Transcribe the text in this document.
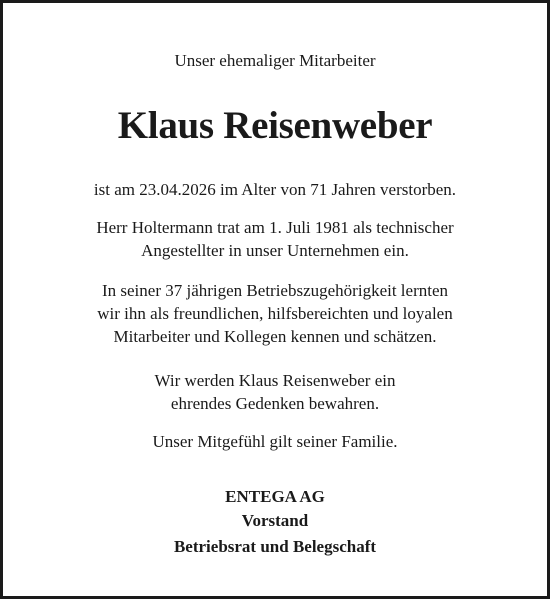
Unser ehemaliger Mitarbeiter
Klaus Reisenweber
ist am 23.04.2026 im Alter von 71 Jahren verstorben.
Herr Holtermann trat am 1. Juli 1981 als technischer
Angestellter in unser Unternehmen ein.
In seiner 37 jährigen Betriebszugehörigkeit lernten
wir ihn als freundlichen, hilfsbereichten und loyalen
Mitarbeiter und Kollegen kennen und schätzen.
Wir werden Klaus Reisenweber ein
ehrendes Gedenken bewahren.
Unser Mitgefühl gilt seiner Familie.
ENTEGA AG
Vorstand
Betriebsrat und Belegschaft
